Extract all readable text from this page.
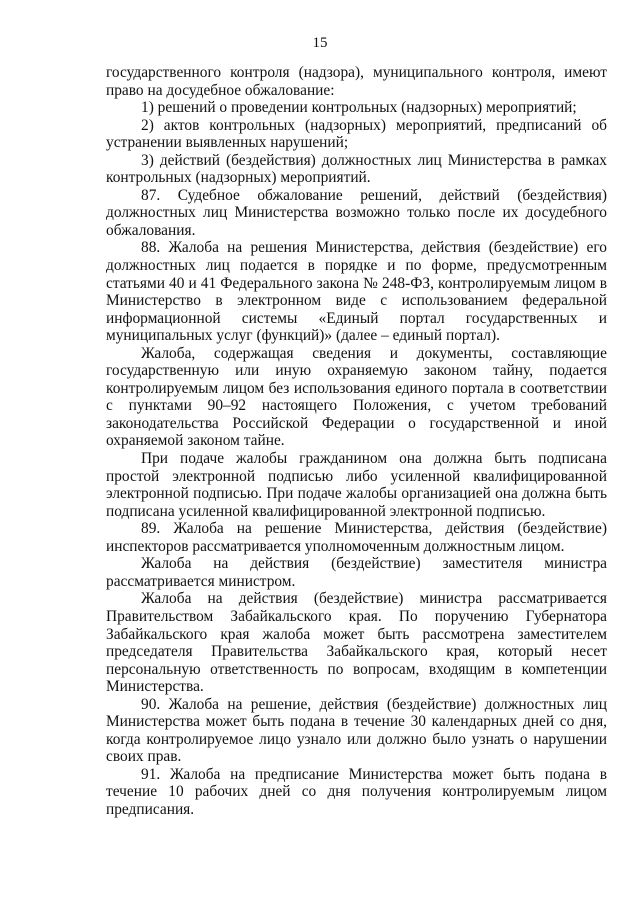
15

государственного контроля (надзора), муниципального контроля, имеют право на досудебное обжалование:

1) решений о проведении контрольных (надзорных) мероприятий;

2) актов контрольных (надзорных) мероприятий, предписаний об устранении выявленных нарушений;

3) действий (бездействия) должностных лиц Министерства в рамках контрольных (надзорных) мероприятий.

87. Судебное обжалование решений, действий (бездействия) должностных лиц Министерства возможно только после их досудебного обжалования.

88. Жалоба на решения Министерства, действия (бездействие) его должностных лиц подается в порядке и по форме, предусмотренным статьями 40 и 41 Федерального закона № 248-ФЗ, контролируемым лицом в Министерство в электронном виде с использованием федеральной информационной системы «Единый портал государственных и муниципальных услуг (функций)» (далее – единый портал).

Жалоба, содержащая сведения и документы, составляющие государственную или иную охраняемую законом тайну, подается контролируемым лицом без использования единого портала в соответствии с пунктами 90–92 настоящего Положения, с учетом требований законодательства Российской Федерации о государственной и иной охраняемой законом тайне.

При подаче жалобы гражданином она должна быть подписана простой электронной подписью либо усиленной квалифицированной электронной подписью. При подаче жалобы организацией она должна быть подписана усиленной квалифицированной электронной подписью.

89. Жалоба на решение Министерства, действия (бездействие) инспекторов рассматривается уполномоченным должностным лицом.

Жалоба на действия (бездействие) заместителя министра рассматривается министром.

Жалоба на действия (бездействие) министра рассматривается Правительством Забайкальского края. По поручению Губернатора Забайкальского края жалоба может быть рассмотрена заместителем председателя Правительства Забайкальского края, который несет персональную ответственность по вопросам, входящим в компетенции Министерства.

90. Жалоба на решение, действия (бездействие) должностных лиц Министерства может быть подана в течение 30 календарных дней со дня, когда контролируемое лицо узнало или должно было узнать о нарушении своих прав.

91. Жалоба на предписание Министерства может быть подана в течение 10 рабочих дней со дня получения контролируемым лицом предписания.
